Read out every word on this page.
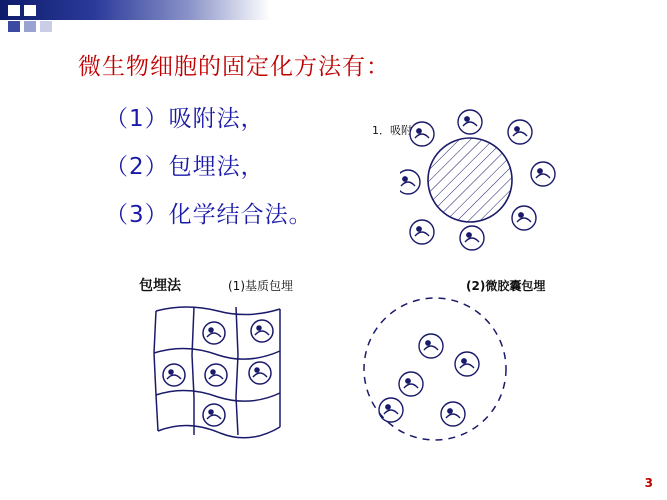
微生物细胞的固定化方法有：
（1）吸附法，
（2）包埋法，
（3）化学结合法。
1．吸附
包埋法	(1)基质包埋	(2)微胶囊包埋
3
